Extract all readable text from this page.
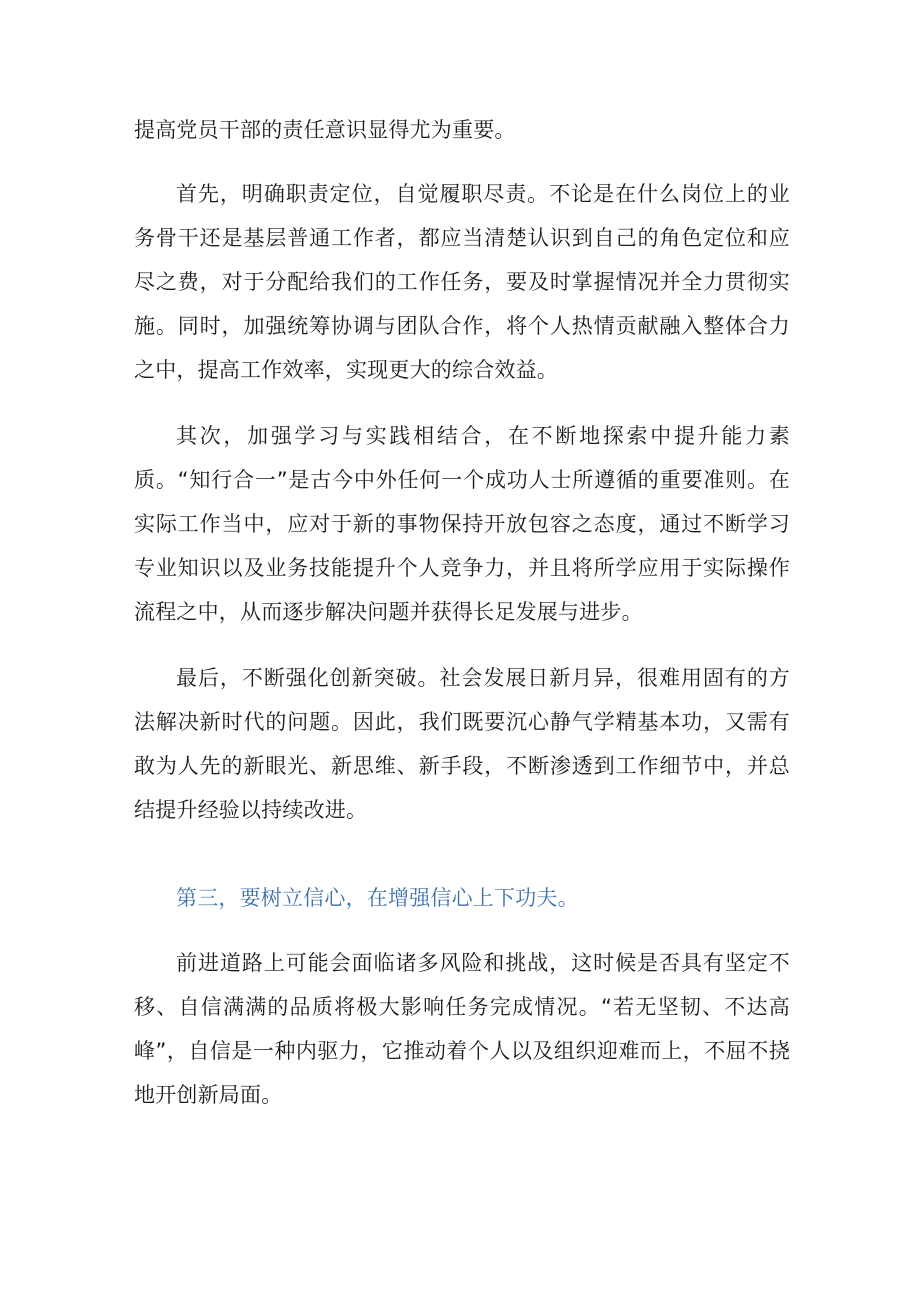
提高党员干部的责任意识显得尤为重要。

首先，明确职责定位，自觉履职尽责。不论是在什么岗位上的业务骨干还是基层普通工作者，都应当清楚认识到自己的角色定位和应尽之费，对于分配给我们的工作任务，要及时掌握情况并全力贯彻实施。同时，加强统筹协调与团队合作，将个人热情贡献融入整体合力之中，提高工作效率，实现更大的综合效益。

其次，加强学习与实践相结合，在不断地探索中提升能力素质。“知行合一”是古今中外任何一个成功人士所遵循的重要准则。在实际工作当中，应对于新的事物保持开放包容之态度，通过不断学习专业知识以及业务技能提升个人竞争力，并且将所学应用于实际操作流程之中，从而逐步解决问题并获得长足发展与进步。

最后，不断强化创新突破。社会发展日新月异，很难用固有的方法解决新时代的问题。因此，我们既要沉心静气学精基本功，又需有敢为人先的新眼光、新思维、新手段，不断渗透到工作细节中，并总结提升经验以持续改进。

第三，要树立信心，在增强信心上下功夫。

前进道路上可能会面临诸多风险和挑战，这时候是否具有坚定不移、自信满满的品质将极大影响任务完成情况。“若无坚韧、不达高峰”，自信是一种内驱力，它推动着个人以及组织迎难而上，不屈不挠地开创新局面。
